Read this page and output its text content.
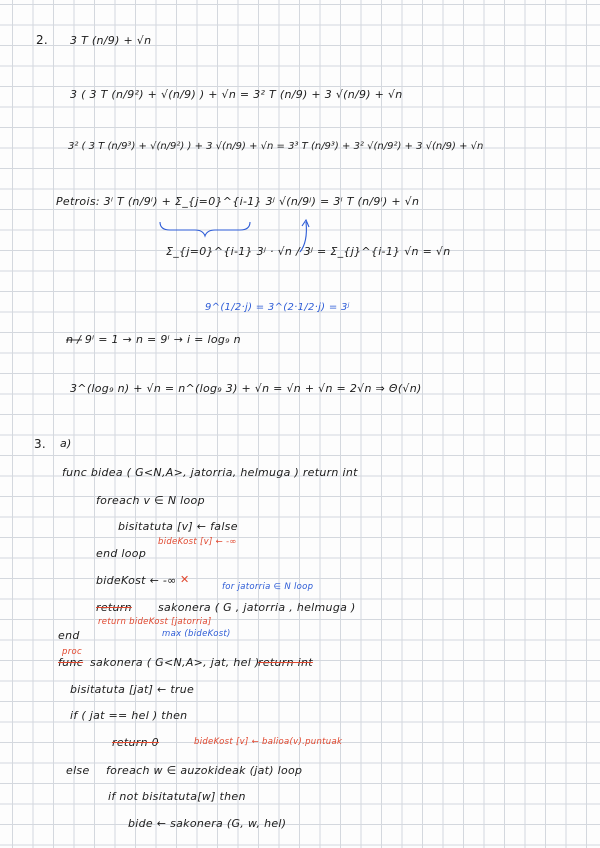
2. 3 T (n/9) + √n
3 ( 3 T (n/9²) + √(n/9) ) + √n = 3² T (n/9) + 3 √(n/9) + √n
3² ( 3 T (n/9³) + √(n/9²) ) + 3 √(n/9) + √n = 3³ T (n/9³) + 3² √(n/9²) + 3 √(n/9) + √n
Petrois: 3ⁱ T (n/9ⁱ) + Σ_{j=0}^{i-1} 3ʲ √(n/9ʲ) = 3ⁱ T (n/9ⁱ) + √n
Σ_{j=0}^{i-1} 3ʲ · √n / 3ʲ = Σ_{j}^{i-1} √n = √n
9^(1/2·j) = 3^(2·1/2·j) = 3ʲ
n / 9ⁱ = 1 → n = 9ⁱ → i = log₉ n
3^(log₉ n) + √n = n^(log₉ 3) + √n = √n + √n = 2√n ⇒ Θ(√n)
3. a)
func bidea ( G<N,A>, jatorria, helmuga ) return int
foreach v ∈ N loop
bisitatuta [v] ← false
bideKost [v] ← -∞
end loop
bideKost ← -∞ ✕
for jatorria ∈ N loop
return sakonera ( G , jatorria , helmuga )
return bideKost [jatorria]
max (bideKost)
end
proc
func sakonera ( G<N,A>, jat, hel )
return int
bisitatuta [jat] ← true
if ( jat == hel ) then
return 0	bideKost [v] ← balioa(v).puntuak
else foreach w ∈ auzokideak (jat) loop
if not bisitatuta[w] then
bide ← sakonera (G, w, hel)
